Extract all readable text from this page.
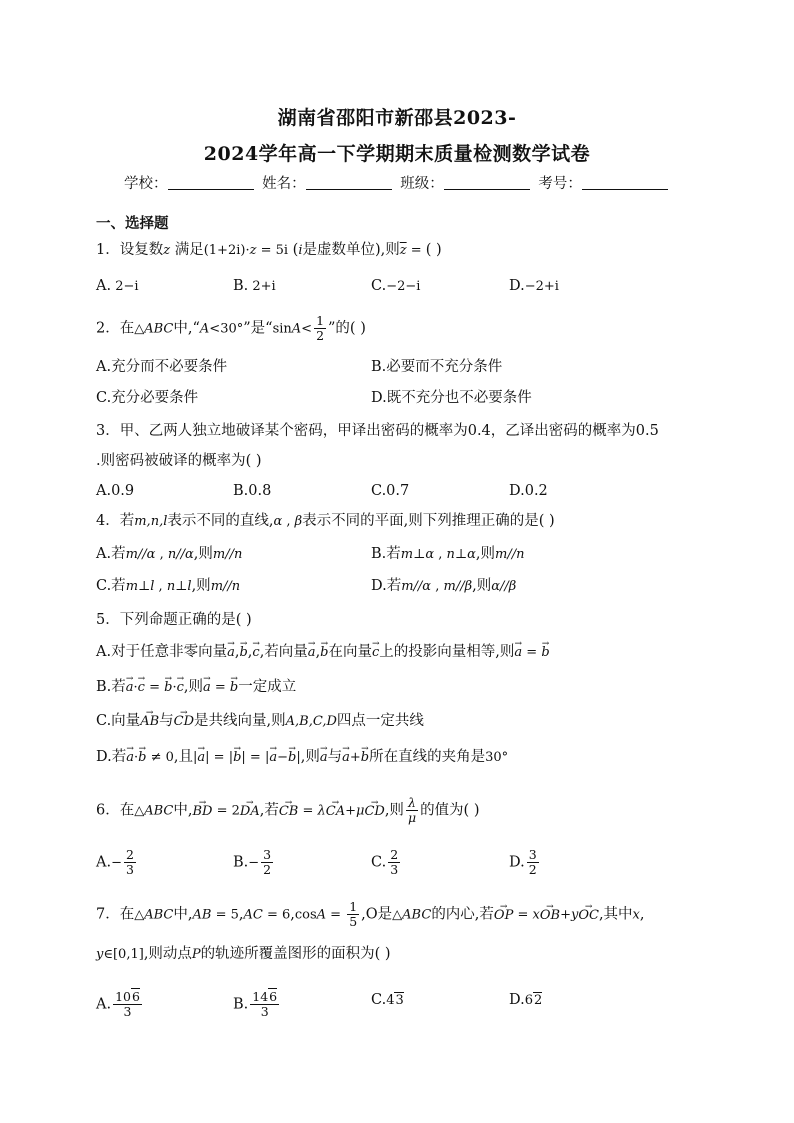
湖南省邵阳市新邵县2023-
2024学年高一下学期期末质量检测数学试卷
学校：	姓名：	班级：	考号：
一、选择题
1．设复数z 满足(1+2i)·z = 5i (i是虚数单位),则$\overline{z}$ = ( )
A. 2−i	B. 2+i	C.−2−i	D.−2+i
2．在△ABC中,“A<30°”是“$\sin A< \frac{1}{2}$ ”的( )
A.充分而不必要条件	B.必要而不充分条件
C.充分必要条件	D.既不充分也不必要条件
3．甲、乙两人独立地破译某个密码，甲译出密码的概率为0.4，乙译出密码的概率为0.5
.则密码被破译的概率为( )
A.0.9	B.0.8	C.0.7	D.0.2
4．若m,n,l表示不同的直线,α , β表示不同的平面,则下列推理正确的是( )
A.若m//α , n//α,则m//n	B.若m⊥α , n⊥α,则m//n
C.若m⊥l , n⊥l,则m//n	D.若m//α , m//β,则α//β
5．下列命题正确的是( )
A.对于任意非零向量→ a,→ b,→ c,若向量→ a,→ b在向量→ c上的投影向量相等,则→ a = → b
B.若→ a·→ c = → b·→ c,则→ a = → b一定成立
C.向量→ AB与→ CD是共线向量,则A,B,C,D四点一定共线
D.若→ a·→ b ≠ 0,且|→ a| = |→ b| = |→ a−→ b|,则→ a与→ a+→ b所在直线的夹角是30°
6．在△ABC中,→ BD = 2→ DA,若→ CB = λ→ CA+μ→ CD,则 $\frac{\lambda}{\mu}$ 的值为( )
$A.- \frac{2}{3}$	$B.- \frac{3}{2}$	C. $\frac{2}{3}$	D. $\frac{3}{2}$
7．在△ABC中$,AB = 5,AC = 6,\cos A = \frac{1}{5} ,O$是△ABC的内心,若→ OP = x→ OB+y→ OC,其中x,
y∈[0,1],则动点P的轨迹所覆盖图形的面积为( )
A. $\frac{106}{3}$	B. $\frac{146}{3}$	C.43	D.62
